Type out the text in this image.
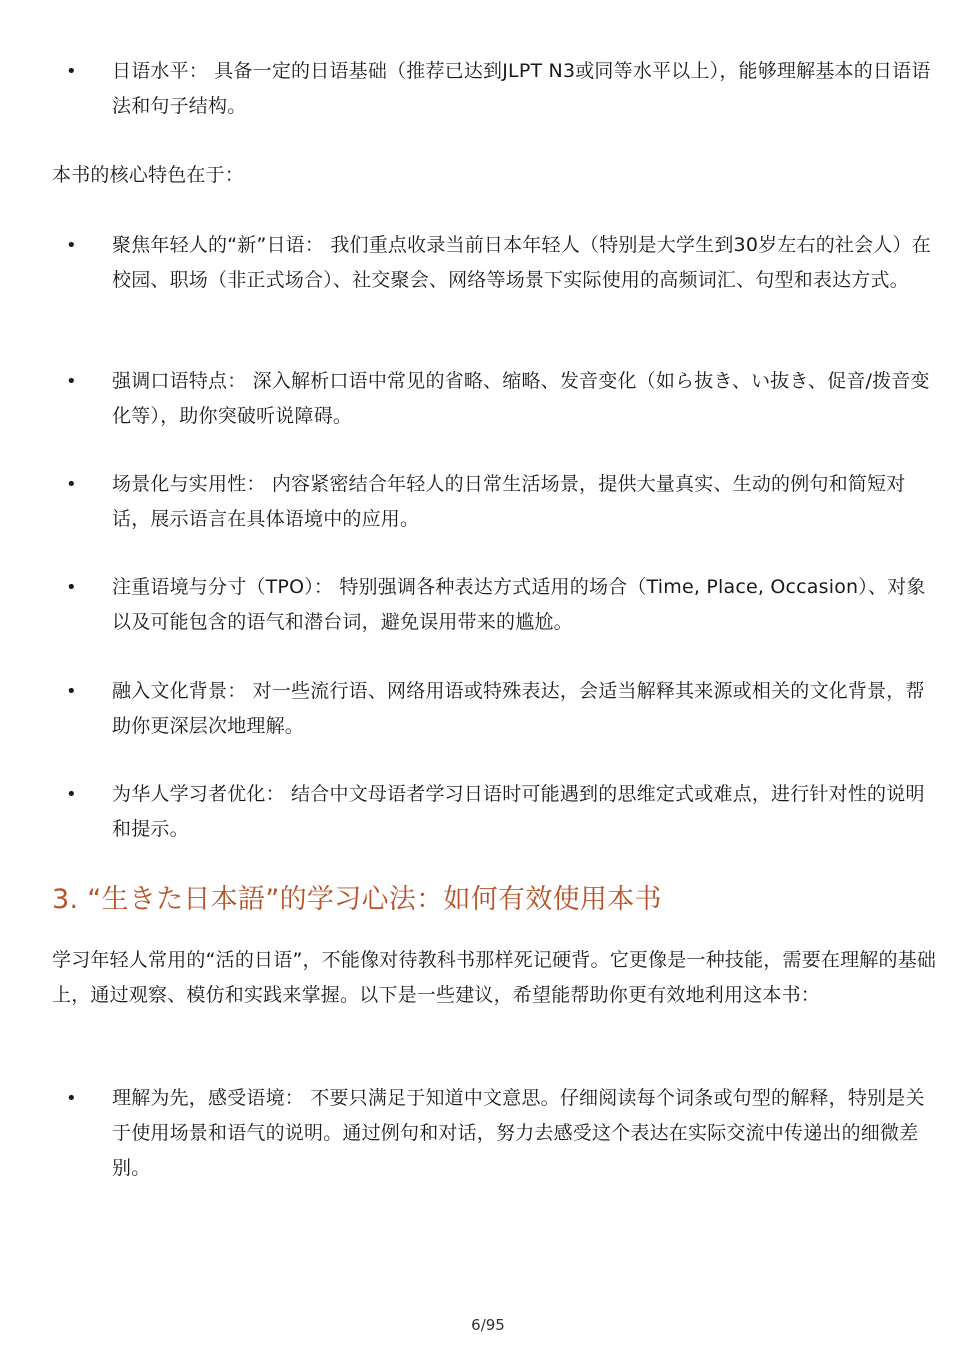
• 日语水平： 具备一定的日语基础（推荐已达到JLPT N3或同等水平以上），能够理解基本的日语语法和句子结构。
本书的核心特色在于：
• 聚焦年轻人的“新”日语： 我们重点收录当前日本年轻人（特别是大学生到30岁左右的社会人）在校园、职场（非正式场合）、社交聚会、网络等场景下实际使用的高频词汇、句型和表达方式。
• 强调口语特点： 深入解析口语中常见的省略、缩略、发音变化（如ら抜き、い抜き、促音/拨音变化等），助你突破听说障碍。
• 场景化与实用性： 内容紧密结合年轻人的日常生活场景，提供大量真实、生动的例句和简短对话，展示语言在具体语境中的应用。
• 注重语境与分寸（TPO）： 特别强调各种表达方式适用的场合（Time, Place, Occasion）、对象以及可能包含的语气和潜台词，避免误用带来的尴尬。
• 融入文化背景： 对一些流行语、网络用语或特殊表达，会适当解释其来源或相关的文化背景，帮助你更深层次地理解。
• 为华人学习者优化： 结合中文母语者学习日语时可能遇到的思维定式或难点，进行针对性的说明和提示。
3. “生きた日本語”的学习心法：如何有效使用本书
学习年轻人常用的“活的日语”，不能像对待教科书那样死记硬背。它更像是一种技能，需要在理解的基础上，通过观察、模仿和实践来掌握。以下是一些建议，希望能帮助你更有效地利用这本书：
• 理解为先，感受语境： 不要只满足于知道中文意思。仔细阅读每个词条或句型的解释，特别是关于使用场景和语气的说明。通过例句和对话，努力去感受这个表达在实际交流中传递出的细微差别。
6/95
